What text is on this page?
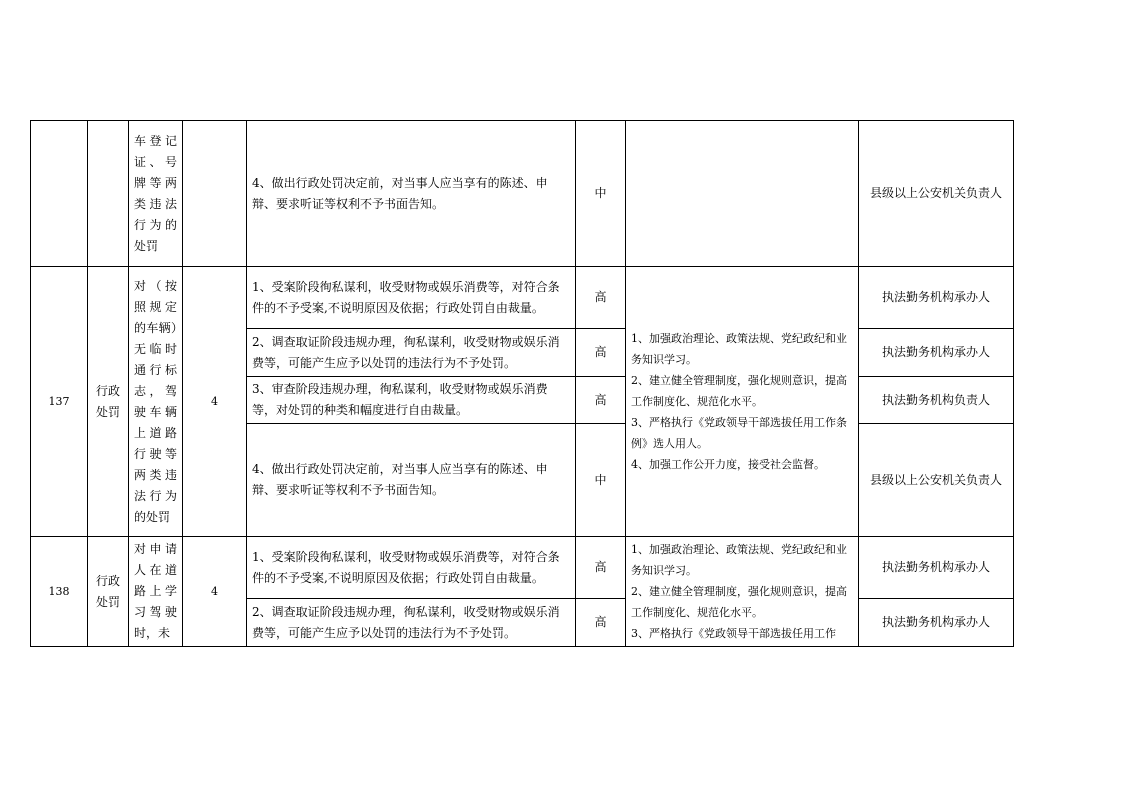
		车登记证、号牌等两类违法行为的处罚		4、做出行政处罚决定前，对当事人应当享有的陈述、申辩、要求听证等权利不予书面告知。	中		县级以上公安机关负责人
137	行政处罚	对（按照规定的车辆）无临时通行标志，驾驶车辆上道路行驶等两类违法行为的处罚	4	1、受案阶段徇私谋利，收受财物或娱乐消费等，对符合条件的不予受案,不说明原因及依据；行政处罚自由裁量。	高	1、加强政治理论、政策法规、党纪政纪和业务知识学习。

2、建立健全管理制度，强化规则意识，提高工作制度化、规范化水平。

3、严格执行《党政领导干部选拔任用工作条例》选人用人。

4、加强工作公开力度，接受社会监督。	执法勤务机构承办人
				2、调查取证阶段违规办理，徇私谋利，收受财物或娱乐消费等，可能产生应予以处罚的违法行为不予处罚。	高		执法勤务机构承办人
				3、审查阶段违规办理，徇私谋利，收受财物或娱乐消费等，对处罚的种类和幅度进行自由裁量。	高		执法勤务机构负责人
				4、做出行政处罚决定前，对当事人应当享有的陈述、申辩、要求听证等权利不予书面告知。	中		县级以上公安机关负责人
138	行政处罚	对申请人在道路上学习驾驶时，未	4	1、受案阶段徇私谋利，收受财物或娱乐消费等，对符合条件的不予受案,不说明原因及依据；行政处罚自由裁量。	高	1、加强政治理论、政策法规、党纪政纪和业务知识学习。

2、建立健全管理制度，强化规则意识，提高工作制度化、规范化水平。

3、严格执行《党政领导干部选拔任用工作	执法勤务机构承办人
				2、调查取证阶段违规办理，徇私谋利，收受财物或娱乐消费等，可能产生应予以处罚的违法行为不予处罚。	高		执法勤务机构承办人
